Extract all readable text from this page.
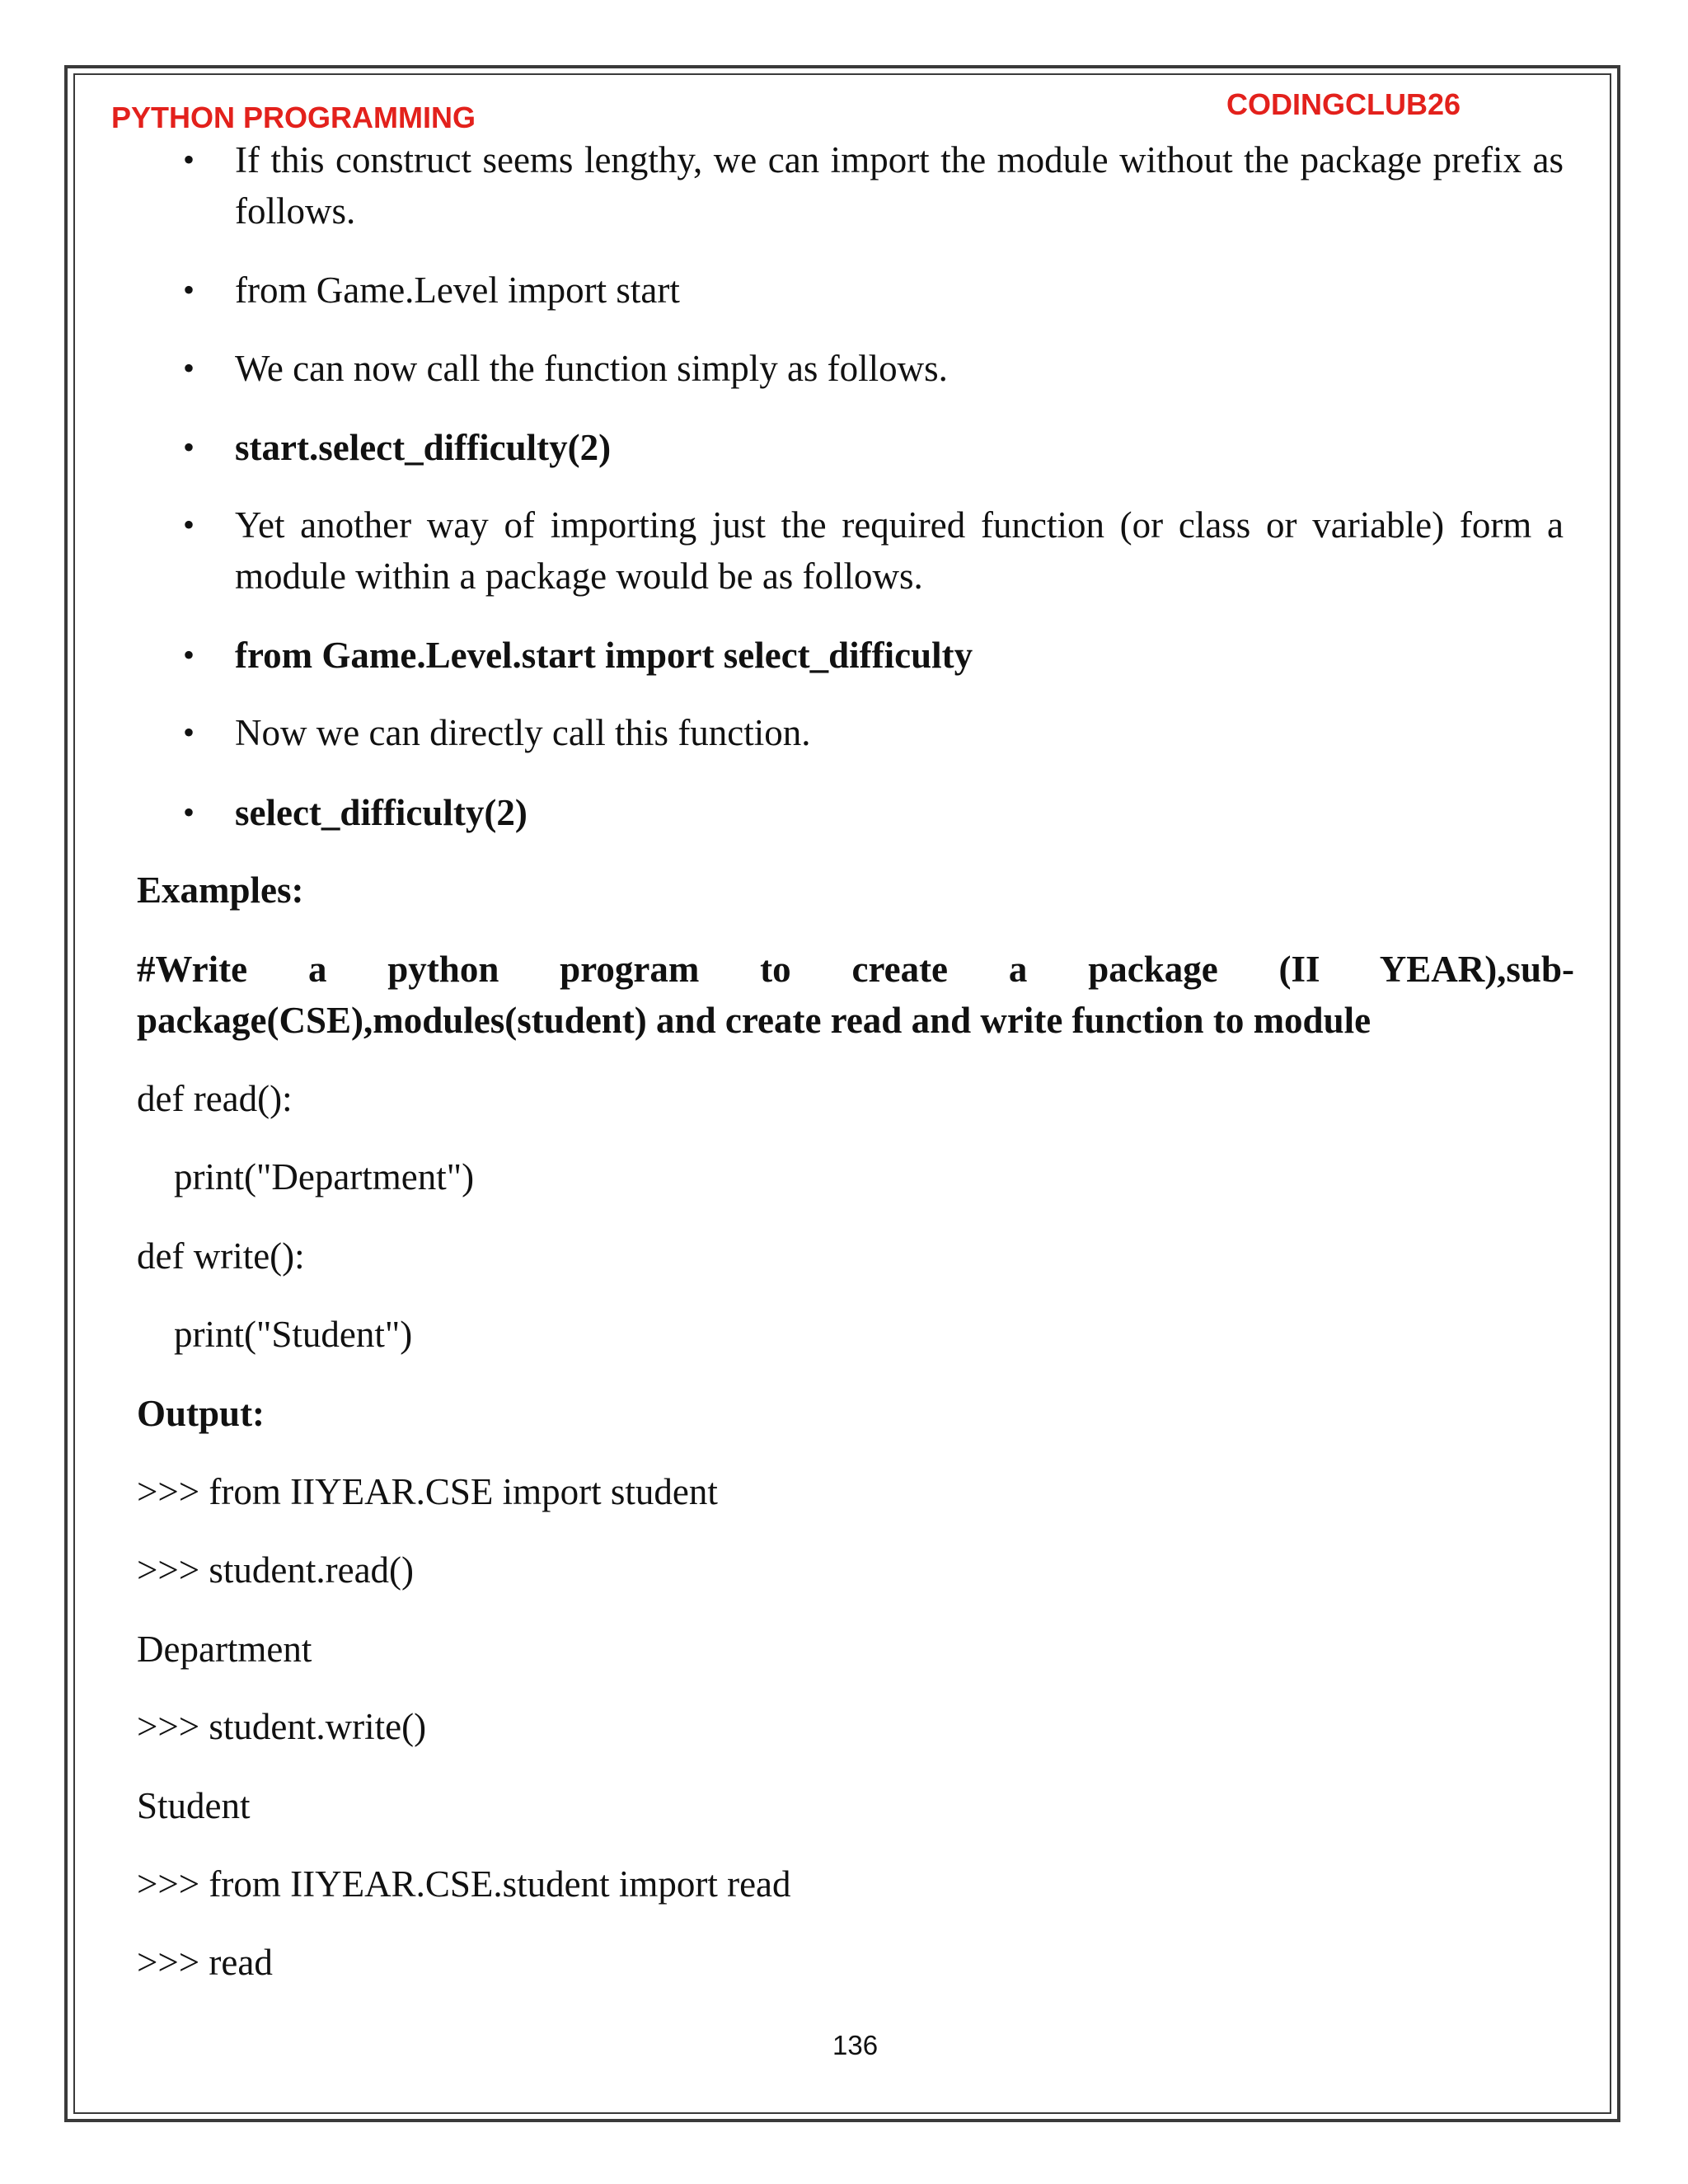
PYTHON PROGRAMMING	CODINGCLUB26
• If this construct seems lengthy, we can import the module without the package prefix as follows.
• from Game.Level import start
• We can now call the function simply as follows.
• start.select_difficulty(2)
• Yet another way of importing just the required function (or class or variable) form a module within a package would be as follows.
• from Game.Level.start import select_difficulty
• Now we can directly call this function.
• select_difficulty(2)
Examples:
#Write a python program to create a package (II YEAR),sub-
package(CSE),modules(student) and create read and write function to module
def read():
print("Department")
def write():
print("Student")
Output:
>>> from IIYEAR.CSE import student
>>> student.read()
Department
>>> student.write()
Student
>>> from IIYEAR.CSE.student import read
>>> read
136
